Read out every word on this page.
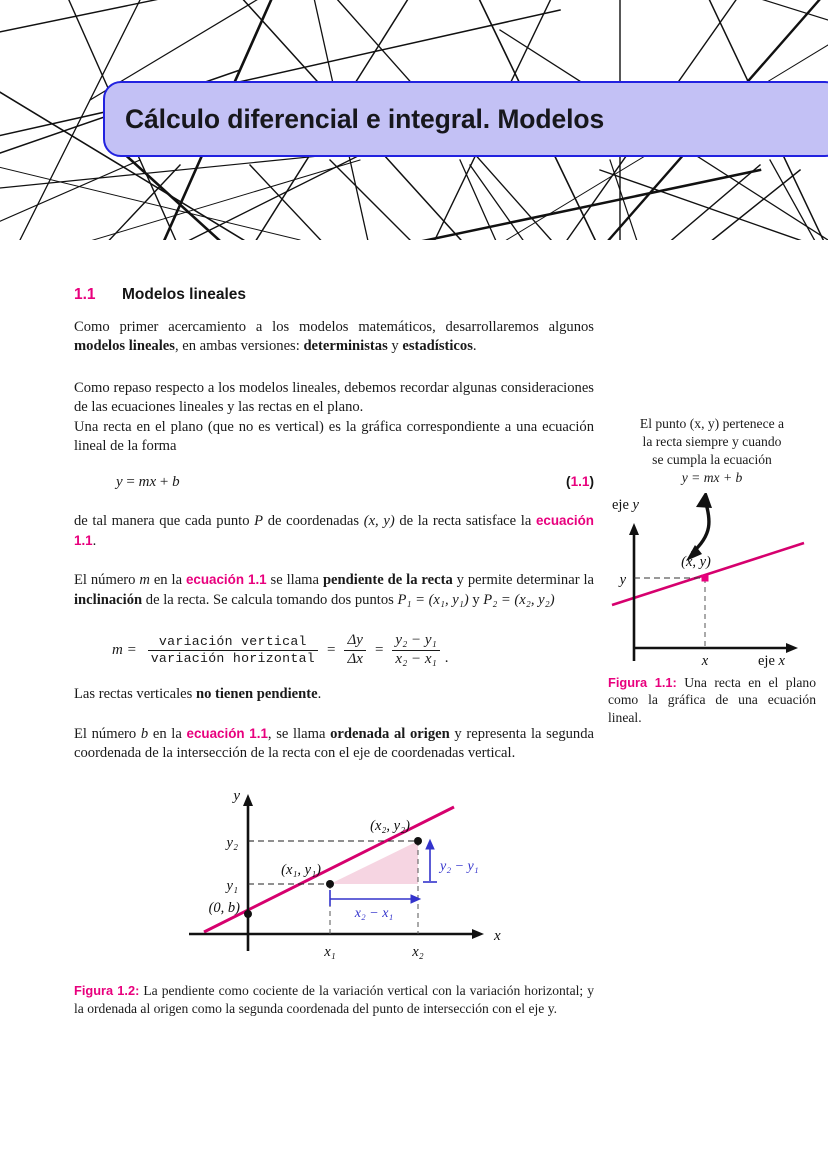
Cálculo diferencial e integral. Modelos
1.1	Modelos lineales

Como primer acercamiento a los modelos matemáticos, desarrollaremos algunos modelos lineales, en ambas versiones: deterministas y estadísticos.

Como repaso respecto a los modelos lineales, debemos recordar algunas consideraciones de las ecuaciones lineales y las rectas en el plano.

Una recta en el plano (que no es vertical) es la gráfica correspondiente a una ecuación lineal de la forma

y = mx + b	(1.1)

de tal manera que cada punto P de coordenadas (x, y) de la recta satisface la ecuación 1.1.

El número m en la ecuación 1.1 se llama pendiente de la recta y permite determinar la inclinación de la recta. Se calcula tomando dos puntos P₁ = (x₁, y₁) y P₂ = (x₂, y₂)

$m = \frac{\text{variación vertical}}{\text{variación horizontal}} = \frac{\Delta y}{\Delta x} = \frac{\text{y₂ − y₁}}{\text{x₂ − x₁}}$ .

Las rectas verticales no tienen pendiente.

El número b en la ecuación 1.1, se llama ordenada al origen y representa la segunda coordenada de la intersección de la recta con el eje de coordenadas vertical.

y
x
y₂
y₁
x₁	x₂
(0, b)
(x₁, y₁)
(x₂, y₂)
y₂ − y₁
x₂ − x₁

Figura 1.2: La pendiente como cociente de la variación vertical con la variación horizontal; y la ordenada al origen como la segunda coordenada del punto de intersección con el eje y.

El punto (x, y) pertenece a
la recta siempre y cuando
se cumpla la ecuación
y = mx + b
eje y
eje x
y
x
(x, y)

Figura 1.1: Una recta en el plano como la gráfica de una ecuación lineal.
